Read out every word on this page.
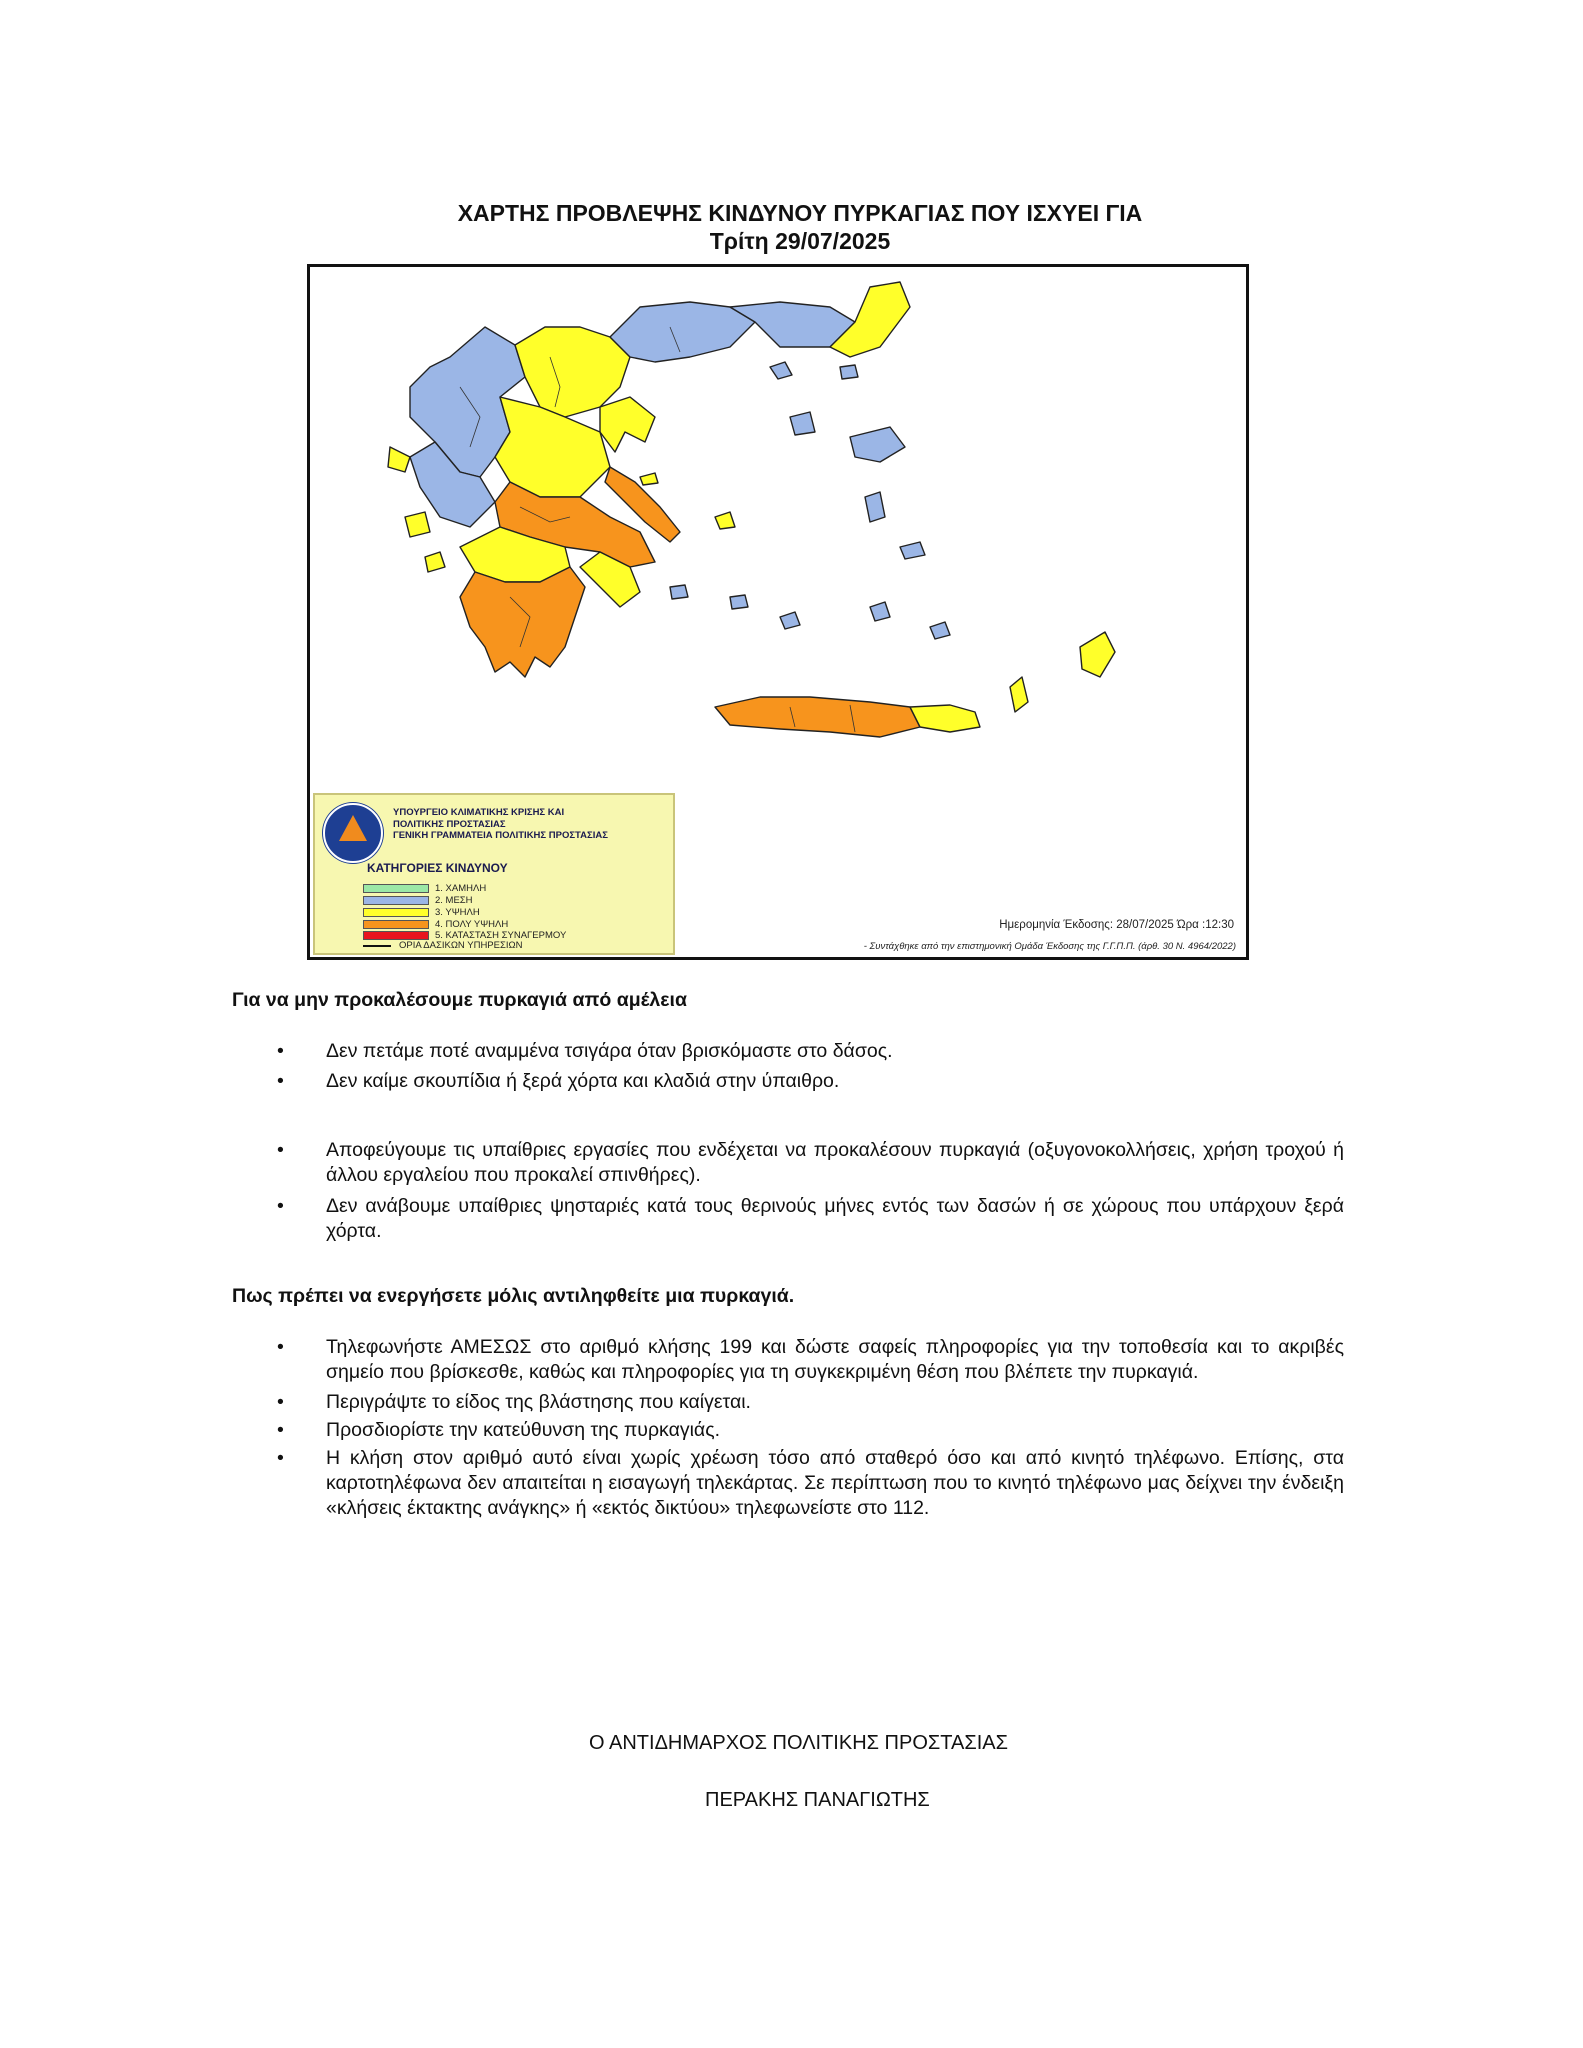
ΧΑΡΤΗΣ ΠΡΟΒΛΕΨΗΣ ΚΙΝΔΥΝΟΥ ΠΥΡΚΑΓΙΑΣ ΠΟΥ ΙΣΧΥΕΙ ΓΙΑ
Τρίτη 29/07/2025
ΥΠΟΥΡΓΕΙΟ ΚΛΙΜΑΤΙΚΗΣ ΚΡΙΣΗΣ ΚΑΙ
ΠΟΛΙΤΙΚΗΣ ΠΡΟΣΤΑΣΙΑΣ
ΓΕΝΙΚΗ ΓΡΑΜΜΑΤΕΙΑ ΠΟΛΙΤΙΚΗΣ ΠΡΟΣΤΑΣΙΑΣ
ΚΑΤΗΓΟΡΙΕΣ ΚΙΝΔΥΝΟΥ
1. ΧΑΜΗΛΗ
2. ΜΕΣΗ
3. ΥΨΗΛΗ
4. ΠΟΛΥ ΥΨΗΛΗ
5. ΚΑΤΑΣΤΑΣΗ ΣΥΝΑΓΕΡΜΟΥ
ΟΡΙΑ ΔΑΣΙΚΩΝ ΥΠΗΡΕΣΙΩΝ
Ημερομηνία Έκδοσης: 28/07/2025 Ώρα :12:30
- Συντάχθηκε από την επιστημονική Ομάδα Έκδοσης της Γ.Γ.Π.Π. (άρθ. 30 Ν. 4964/2022)
Για να μην προκαλέσουμε πυρκαγιά από αμέλεια
• Δεν πετάμε ποτέ αναμμένα τσιγάρα όταν βρισκόμαστε στο δάσος.
• Δεν καίμε σκουπίδια ή ξερά χόρτα και κλαδιά στην ύπαιθρο.
• Αποφεύγουμε τις υπαίθριες εργασίες που ενδέχεται να προκαλέσουν πυρκαγιά (οξυγονοκολλήσεις, χρήση τροχού ή άλλου εργαλείου που προκαλεί σπινθήρες).
• Δεν ανάβουμε υπαίθριες ψησταριές κατά τους θερινούς μήνες εντός των δασών ή σε χώρους που υπάρχουν ξερά χόρτα.
Πως πρέπει να ενεργήσετε μόλις αντιληφθείτε μια πυρκαγιά.
• Τηλεφωνήστε ΑΜΕΣΩΣ στο αριθμό κλήσης 199 και δώστε σαφείς πληροφορίες για την τοποθεσία και το ακριβές σημείο που βρίσκεσθε, καθώς και πληροφορίες για τη συγκεκριμένη θέση που βλέπετε την πυρκαγιά.
• Περιγράψτε το είδος της βλάστησης που καίγεται.
• Προσδιορίστε την κατεύθυνση της πυρκαγιάς.
• Η κλήση στον αριθμό αυτό είναι χωρίς χρέωση τόσο από σταθερό όσο και από κινητό τηλέφωνο. Επίσης, στα καρτοτηλέφωνα δεν απαιτείται η εισαγωγή τηλεκάρτας. Σε περίπτωση που το κινητό τηλέφωνο μας δείχνει την ένδειξη «κλήσεις έκτακτης ανάγκης» ή «εκτός δικτύου» τηλεφωνείστε στο 112.
Ο ΑΝΤΙΔΗΜΑΡΧΟΣ ΠΟΛΙΤΙΚΗΣ ΠΡΟΣΤΑΣΙΑΣ
ΠΕΡΑΚΗΣ ΠΑΝΑΓΙΩΤΗΣ
